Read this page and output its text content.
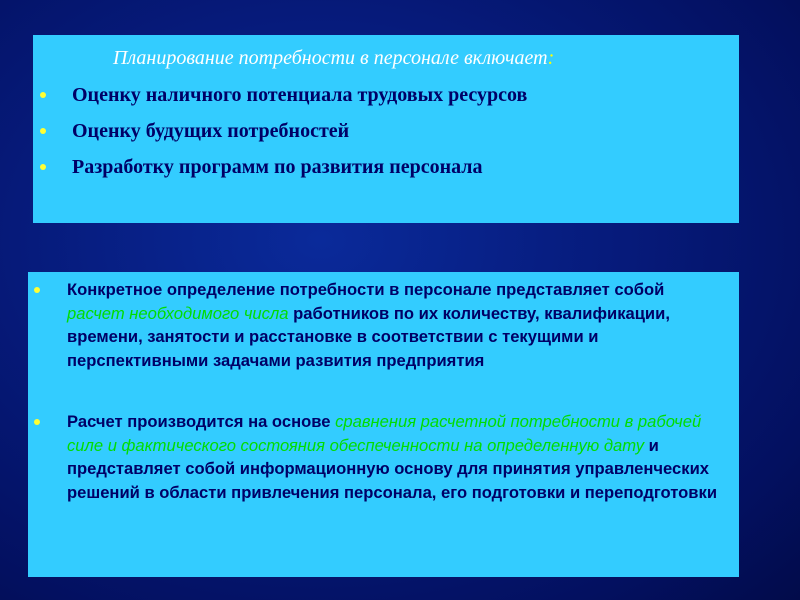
Планирование потребности в персонале включает:

Оценку наличного потенциала трудовых ресурсов
Оценку будущих потребностей
Разработку программ по развития персонала
Конкретное определение потребности в персонале представляет собой расчет необходимого числа работников по их количеству, квалификации, времени, занятости и расстановке в соответствии с текущими и перспективными задачами развития предприятия
Расчет производится на основе сравнения расчетной потребности в рабочей силе и фактического состояния обеспеченности на определенную дату и представляет собой информационную основу для принятия управленческих решений в области привлечения персонала, его подготовки и переподготовки
